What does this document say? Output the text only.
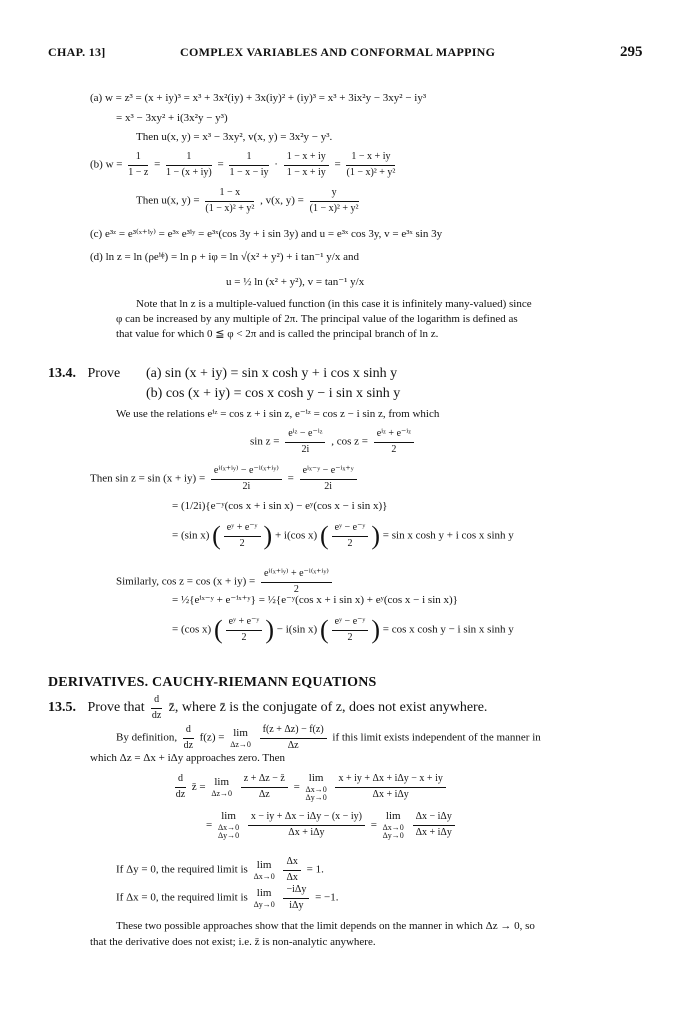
CHAP. 13]	COMPLEX VARIABLES AND CONFORMAL MAPPING	295
(a) w = z³ = (x + iy)³ = x³ + 3x²(iy) + 3x(iy)² + (iy)³ = x³ + 3ix²y − 3xy² − iy³
= x³ − 3xy² + i(3x²y − y³)
Then u(x, y) = x³ − 3xy², v(x, y) = 3x²y − y³.
(b) $w = \frac{1}{1 - z} = \frac{1}{1 - (x + iy)} = \frac{1}{1 - x - iy} \cdot \frac{1 - x + iy}{1 - x + iy} = \frac{1 - x + iy}{\text{(1 − x)² + y²}}$
Then u(x, $y) = \frac{1 - x}{\text{(1 − x)² + y²}}$ , v(x, $y) = \frac{y}{\text{(1 − x)² + y²}}$
(c) e³ᶻ = e³⁽ˣ⁺ⁱʸ⁾ = e³ˣ e³ⁱʸ = e³ˣ(cos 3y + i sin 3y) and u = e³ˣ cos 3y, v = e³ˣ sin 3y
(d) ln z = ln (ρeⁱᶲ) = ln ρ + iφ = ln √(x² + y²) + i tan⁻¹ y/x and
u = ½ ln (x² + y²), v = tan⁻¹ y/x
Note that ln z is a multiple-valued function (in this case it is infinitely many-valued) since
φ can be increased by any multiple of 2π. The principal value of the logarithm is defined as
that value for which 0 ≦ φ < 2π and is called the principal branch of ln z.
13.4. Prove (a) sin (x + iy) = sin x cosh y + i cos x sinh y
(b) cos (x + iy) = cos x cosh y − i sin x sinh y
We use the relations eⁱᶻ = cos z + i sin z, e⁻ⁱᶻ = cos z − i sin z, from which
sin z =
eⁱᶻ − e⁻ⁱᶻ
2i
, cos z =
eⁱᶻ + e⁻ⁱᶻ
2
Then $\sin z = \sin (x + iy) = \frac{\text{eⁱ⁽ˣ⁺ⁱʸ⁾ − e⁻ⁱ⁽ˣ⁺ⁱʸ⁾}}{2i}$ =
eⁱˣ⁻ʸ − e⁻ⁱˣ⁺ʸ
2i
= (1/2i){e⁻ʸ(cos x + i sin x) − eʸ(cos x − i sin x)}
= (sin x) ( $\frac{\text{eʸ + e⁻ʸ}}{2}$ ) + i(cos x) ( $\frac{\text{eʸ − e⁻ʸ}}{2}$ ) = sin x cosh y + i cos x sinh y
Similarly, $\cos z = \cos (x + iy) = \frac{\text{eⁱ⁽ˣ⁺ⁱʸ⁾ + e⁻ⁱ⁽ˣ⁺ⁱʸ⁾}}{2}$
= ½{eⁱˣ⁻ʸ + e⁻ⁱˣ⁺ʸ} = ½{e⁻ʸ(cos x + i sin x) + eʸ(cos x − i sin x)}
= (cos x) ( $\frac{\text{eʸ + e⁻ʸ}}{2}$ ) − i(sin x) ( $\frac{\text{eʸ − e⁻ʸ}}{2}$ ) = cos x cosh y − i sin x sinh y
DERIVATIVES. CAUCHY-RIEMANN EQUATIONS
13.5. Prove that $\frac{d}{dz}$ z̄, where z̄ is the conjugate of z, does not exist anywhere.
By definition, $\frac{d}{dz} f(z) = \lim$
Δz→0
$\frac{f(z + \Delta z) - f(z)}{\Delta z}$ if this limit exists independent of the manner in
which Δz = Δx + iΔy approaches zero. Then
$\frac{d}{dz}$ z̄ = lim
Δz→0
$\frac{z + \Delta z - z̄}{\Delta z} = \lim$
Δx→0
Δy→0

x + iy + Δx + iΔy − x + iy
Δx + iΔy
= lim
Δx→0
Δy→0

x − iy + Δx − iΔy − (x − iy)
Δx + iΔy
= lim
Δx→0
Δy→0

Δx − iΔy
Δx + iΔy
If Δy = 0, the required limit is lim
Δx→0
$\frac{\Delta x}{\Delta x} = 1$.
If Δx = 0, the required limit is lim
Δy→0

−iΔy
iΔy
= −1.
These two possible approaches show that the limit depends on the manner in which Δz → 0, so
that the derivative does not exist; i.e. z̄ is non-analytic anywhere.
